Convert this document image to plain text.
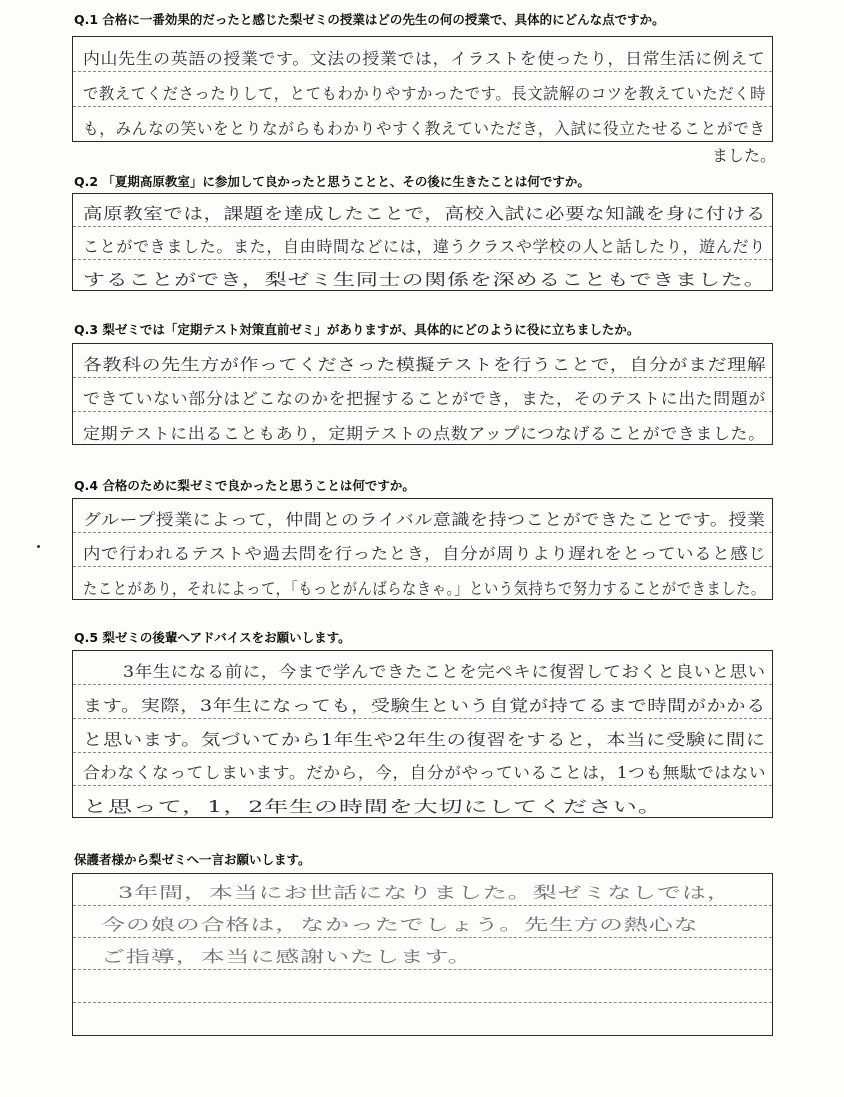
Q.1 合格に一番効果的だったと感じた梨ゼミの授業はどの先生の何の授業で、具体的にどんな点ですか。
内山先生の英語の授業です。文法の授業では，イラストを使ったり，日常生活に例えて
で教えてくださったりして，とてもわかりやすかったです。長文読解のコツを教えていただく時
も，みんなの笑いをとりながらもわかりやすく教えていただき，入試に役立たせることができ
ました。
Q.2 「夏期高原教室」に参加して良かったと思うことと、その後に生きたことは何ですか。
高原教室では，課題を達成したことで，高校入試に必要な知識を身に付ける
ことができました。また，自由時間などには，違うクラスや学校の人と話したり，遊んだり
することができ，梨ゼミ生同士の関係を深めることもできました。
Q.3 梨ゼミでは「定期テスト対策直前ゼミ」がありますが、具体的にどのように役に立ちましたか。
各教科の先生方が作ってくださった模擬テストを行うことで，自分がまだ理解
できていない部分はどこなのかを把握することができ，また，そのテストに出た問題が
定期テストに出ることもあり，定期テストの点数アップにつなげることができました。
Q.4 合格のために梨ゼミで良かったと思うことは何ですか。
グループ授業によって，仲間とのライバル意識を持つことができたことです。授業
内で行われるテストや過去問を行ったとき，自分が周りより遅れをとっていると感じ
たことがあり，それによって，「もっとがんばらなきゃ。」という気持ちで努力することができました。
Q.5 梨ゼミの後輩へアドバイスをお願いします。
3年生になる前に，今まで学んできたことを完ペキに復習しておくと良いと思い
ます。実際，3年生になっても，受験生という自覚が持てるまで時間がかかる
と思います。気づいてから1年生や2年生の復習をすると，本当に受験に間に
合わなくなってしまいます。だから，今，自分がやっていることは，1つも無駄ではない
と思って，1，2年生の時間を大切にしてください。
保護者様から梨ゼミへ一言お願いします。
3年間，本当にお世話になりました。梨ゼミなしでは，
今の娘の合格は，なかったでしょう。先生方の熱心な
ご指導，本当に感謝いたします。
